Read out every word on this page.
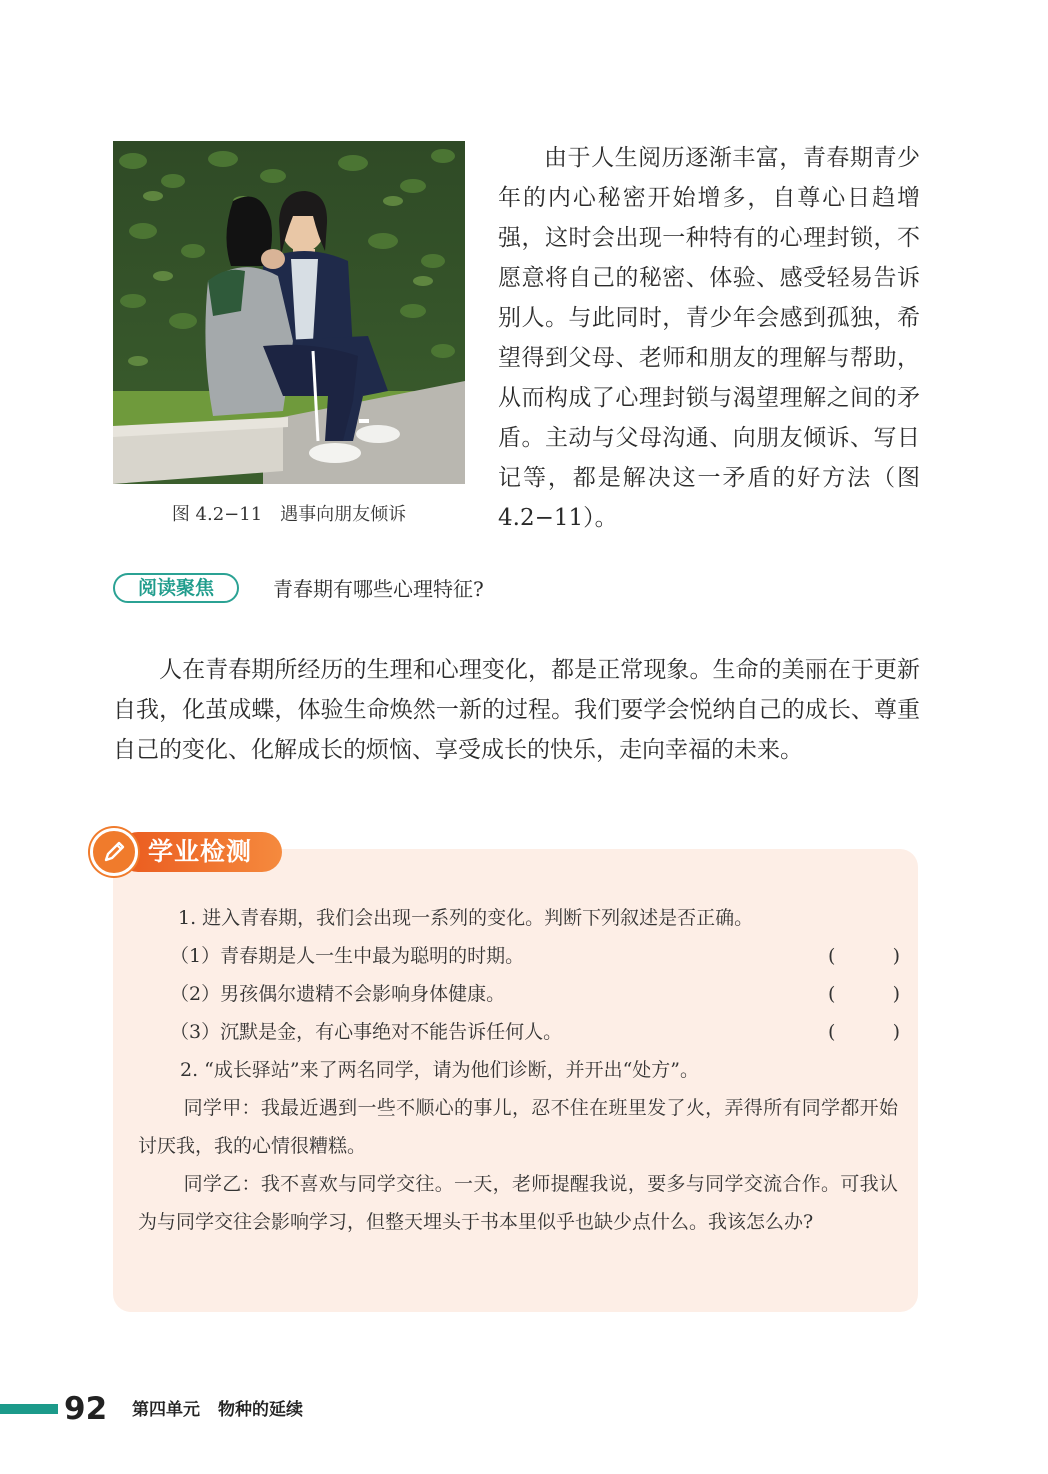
图 4.2−11 遇事向朋友倾诉

由于人生阅历逐渐丰富，青春期青少年的内心秘密开始增多，自尊心日趋增强，这时会出现一种特有的心理封锁，不愿意将自己的秘密、体验、感受轻易告诉别人。与此同时，青少年会感到孤独，希望得到父母、老师和朋友的理解与帮助，从而构成了心理封锁与渴望理解之间的矛盾。主动与父母沟通、向朋友倾诉、写日记等，都是解决这一矛盾的好方法（图 4.2−11）。

阅读聚焦	青春期有哪些心理特征?

人在青春期所经历的生理和心理变化，都是正常现象。生命的美丽在于更新自我，化茧成蝶，体验生命焕然一新的过程。我们要学会悦纳自己的成长、尊重自己的变化、化解成长的烦恼、享受成长的快乐，走向幸福的未来。

学业检测
1. 进入青春期，我们会出现一系列的变化。判断下列叙述是否正确。
（1）青春期是人一生中最为聪明的时期。	(	)
（2）男孩偶尔遗精不会影响身体健康。	(	)
（3）沉默是金，有心事绝对不能告诉任何人。	(	)
2. “成长驿站”来了两名同学，请为他们诊断，并开出“处方”。

同学甲：我最近遇到一些不顺心的事儿，忍不住在班里发了火，弄得所有同学都开始讨厌我，我的心情很糟糕。

同学乙：我不喜欢与同学交往。一天，老师提醒我说，要多与同学交流合作。可我认为与同学交往会影响学习，但整天埋头于书本里似乎也缺少点什么。我该怎么办?

92 第四单元 物种的延续
